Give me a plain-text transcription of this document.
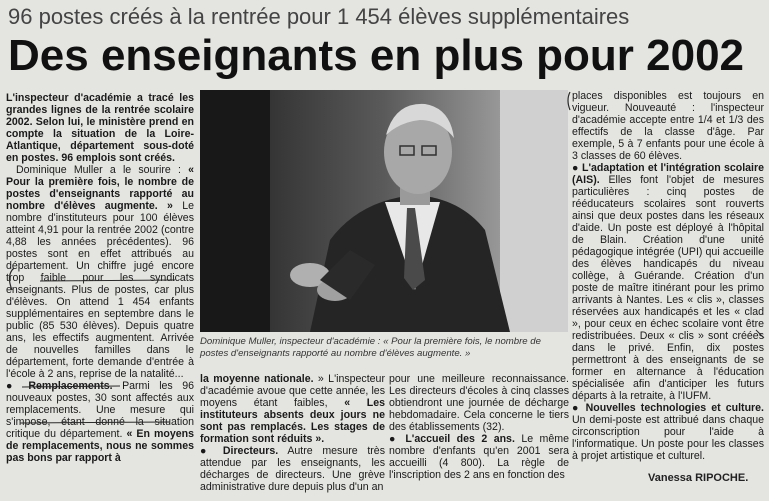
96 postes créés à la rentrée pour 1 454 élèves supplémentaires
Des enseignants en plus pour 2002

L'inspecteur d'académie a tracé les grandes lignes de la rentrée scolaire 2002. Selon lui, le ministère prend en compte la situation de la Loire-Atlantique, département sous-doté en postes. 96 emplois sont créés.

Dominique Muller a le sourire : « Pour la première fois, le nombre de postes d'enseignants rapporté au nombre d'élèves augmente. » Le nombre d'instituteurs pour 100 élèves atteint 4,91 pour la rentrée 2002 (contre 4,88 les années précédentes). 96 postes sont en effet attribués au département. Un chiffre jugé encore trop faible pour les syndicats enseignants. Plus de postes, car plus d'élèves. On attend 1 454 enfants supplémentaires en septembre dans le public (85 530 élèves). Depuis quatre ans, les effectifs augmentent. Arrivée de nouvelles familles dans le département, forte demande d'entrée à l'école à 2 ans, reprise de la natalité...

● Remplacements. Parmi les 96 nouveaux postes, 30 sont affectés aux remplacements. Une mesure qui s'impose, étant donné la situation critique du département. « En moyens de remplacements, nous ne sommes pas bons par rapport à

Dominique Muller, inspecteur d'académie : « Pour la première fois, le nombre de postes d'enseignants rapporté au nombre d'élèves augmente. »

la moyenne nationale. » L'inspecteur d'académie avoue que cette année, les moyens étant faibles, « Les instituteurs absents deux jours ne sont pas remplacés. Les stages de formation sont réduits ».

● Directeurs. Autre mesure très attendue par les enseignants, les décharges de directeurs. Une grève administrative dure depuis plus d'un an

pour une meilleure reconnaissance. Les directeurs d'écoles à cinq classes obtiendront une journée de décharge hebdomadaire. Cela concerne le tiers des établissements (32).

● L'accueil des 2 ans. Le même nombre d'enfants qu'en 2001 sera accueilli (4 800). La règle de l'inscription des 2 ans en fonction des

places disponibles est toujours en vigueur. Nouveauté : l'inspecteur d'académie accepte entre 1/4 et 1/3 des effectifs de la classe d'âge. Par exemple, 5 à 7 enfants pour une école à 3 classes de 60 élèves.

● L'adaptation et l'intégration scolaire (AIS). Elles font l'objet de mesures particulières : cinq postes de rééducateurs scolaires sont rouverts ainsi que deux postes dans les réseaux d'aide. Un poste est déployé à l'hôpital de Blain. Création d'une unité pédagogique intégrée (UPI) qui accueille des élèves handicapés du niveau collège, à Guérande. Création d'un poste de maître itinérant pour les primo arrivants à Nantes. Les « clis », classes réservées aux handicapés et les « clad », pour ceux en échec scolaire vont être redistribuées. Deux « clis » sont créées dans le privé. Enfin, dix postes permettront à des enseignants de se former en alternance à l'éducation spécialisée afin d'anticiper les futurs départs à la retraite, à l'IUFM.

● Nouvelles technologies et culture. Un demi-poste est attribué dans chaque circonscription pour l'aide à l'informatique. Un poste pour les classes à projet artistique et culturel.

Vanessa RIPOCHE.
